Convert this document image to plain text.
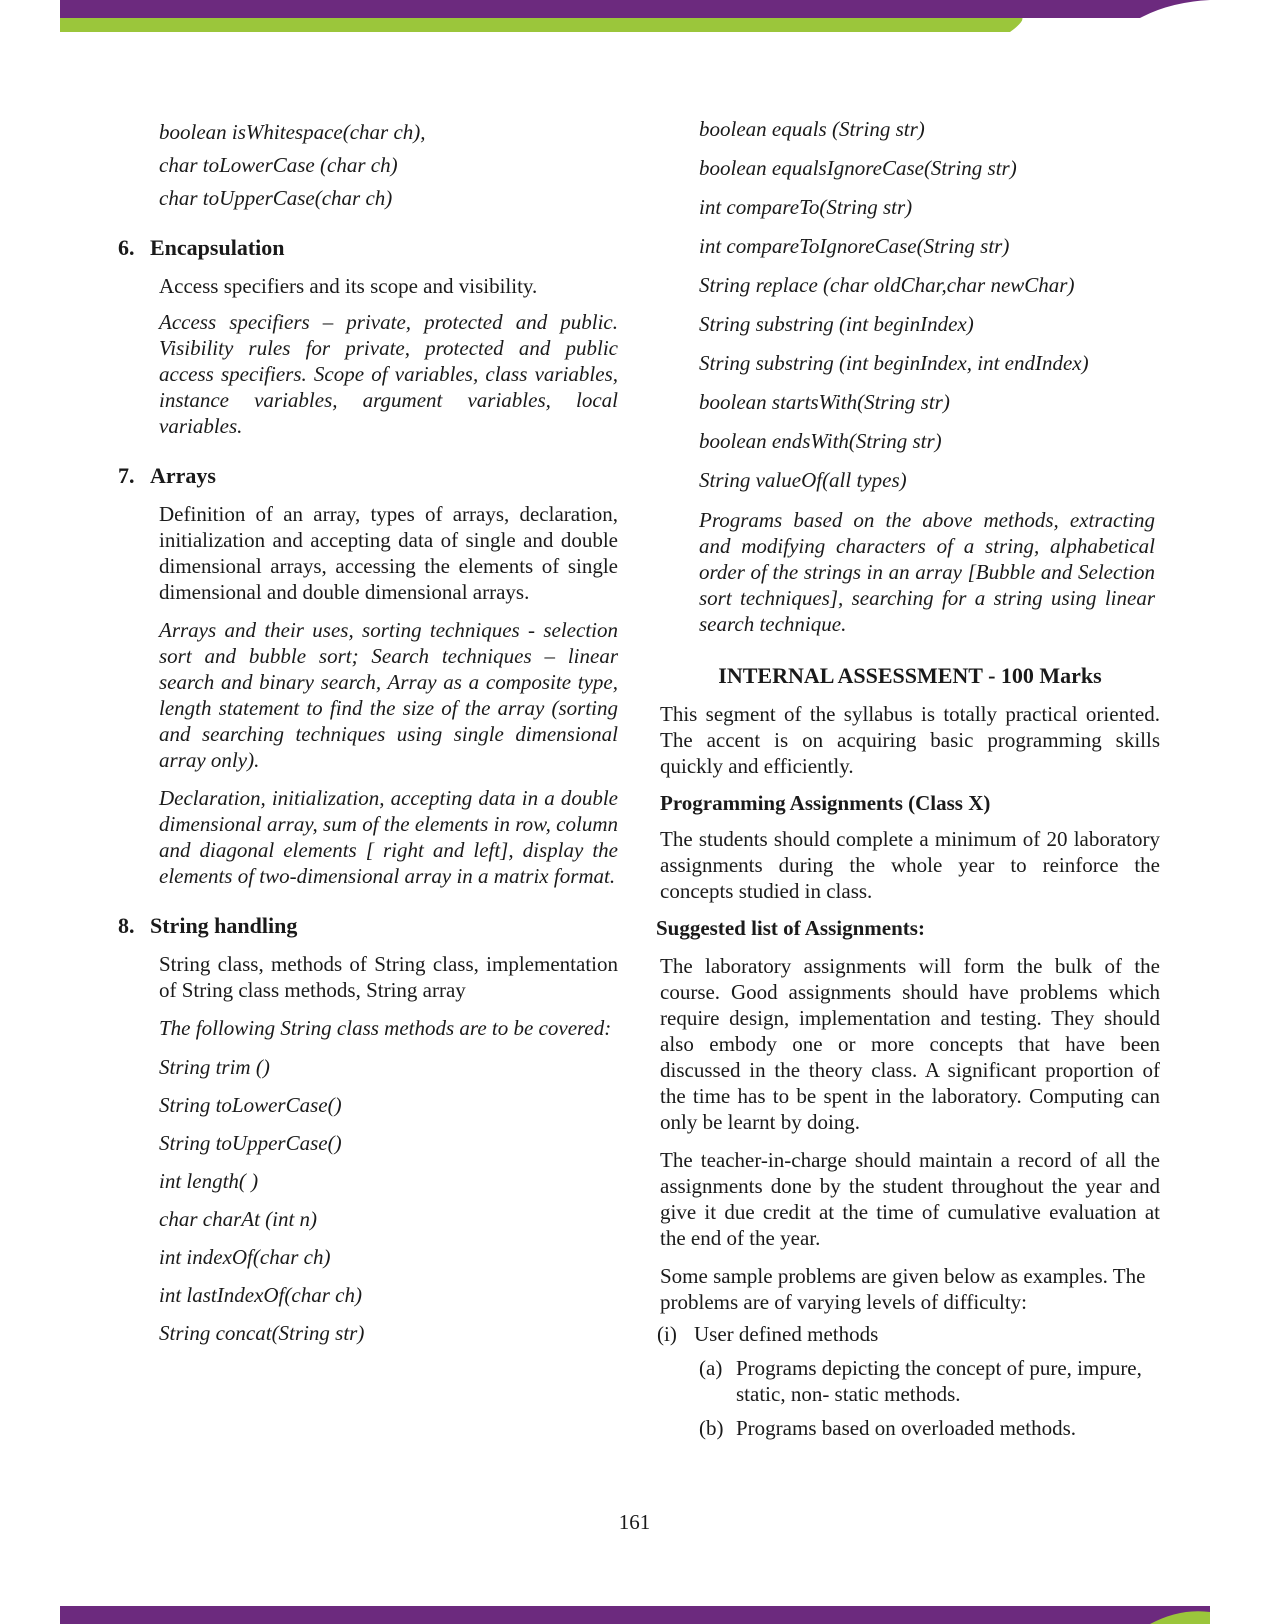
boolean isWhitespace(char ch),
char toLowerCase (char ch)
char toUpperCase(char ch)
6. Encapsulation

Access specifiers and its scope and visibility.

Access specifiers – private, protected and public. Visibility rules for private, protected and public access specifiers. Scope of variables, class variables, instance variables, argument variables, local variables.

7. Arrays

Definition of an array, types of arrays, declaration, initialization and accepting data of single and double dimensional arrays, accessing the elements of single dimensional and double dimensional arrays.

Arrays and their uses, sorting techniques - selection sort and bubble sort; Search techniques – linear search and binary search, Array as a composite type, length statement to find the size of the array (sorting and searching techniques using single dimensional array only).

Declaration, initialization, accepting data in a double dimensional array, sum of the elements in row, column and diagonal elements [ right and left], display the elements of two-dimensional array in a matrix format.

8. String handling

String class, methods of String class, implementation of String class methods, String array

The following String class methods are to be covered:

String trim ()
String toLowerCase()
String toUpperCase()
int length( )
char charAt (int n)
int indexOf(char ch)
int lastIndexOf(char ch)
String concat(String str)
boolean equals (String str)
boolean equalsIgnoreCase(String str)
int compareTo(String str)
int compareToIgnoreCase(String str)
String replace (char oldChar,char newChar)
String substring (int beginIndex)
String substring (int beginIndex, int endIndex)
boolean startsWith(String str)
boolean endsWith(String str)
String valueOf(all types)

Programs based on the above methods, extracting and modifying characters of a string, alphabetical order of the strings in an array [Bubble and Selection sort techniques], searching for a string using linear search technique.

INTERNAL ASSESSMENT - 100 Marks

This segment of the syllabus is totally practical oriented. The accent is on acquiring basic programming skills quickly and efficiently.

Programming Assignments (Class X)

The students should complete a minimum of 20 laboratory assignments during the whole year to reinforce the concepts studied in class.

Suggested list of Assignments:

The laboratory assignments will form the bulk of the course. Good assignments should have problems which require design, implementation and testing. They should also embody one or more concepts that have been discussed in the theory class. A significant proportion of the time has to be spent in the laboratory. Computing can only be learnt by doing.

The teacher-in-charge should maintain a record of all the assignments done by the student throughout the year and give it due credit at the time of cumulative evaluation at the end of the year.

Some sample problems are given below as examples. The problems are of varying levels of difficulty:

(i) User defined methods
(a) Programs depicting the concept of pure, impure, static, non- static methods.
(b) Programs based on overloaded methods.
161
